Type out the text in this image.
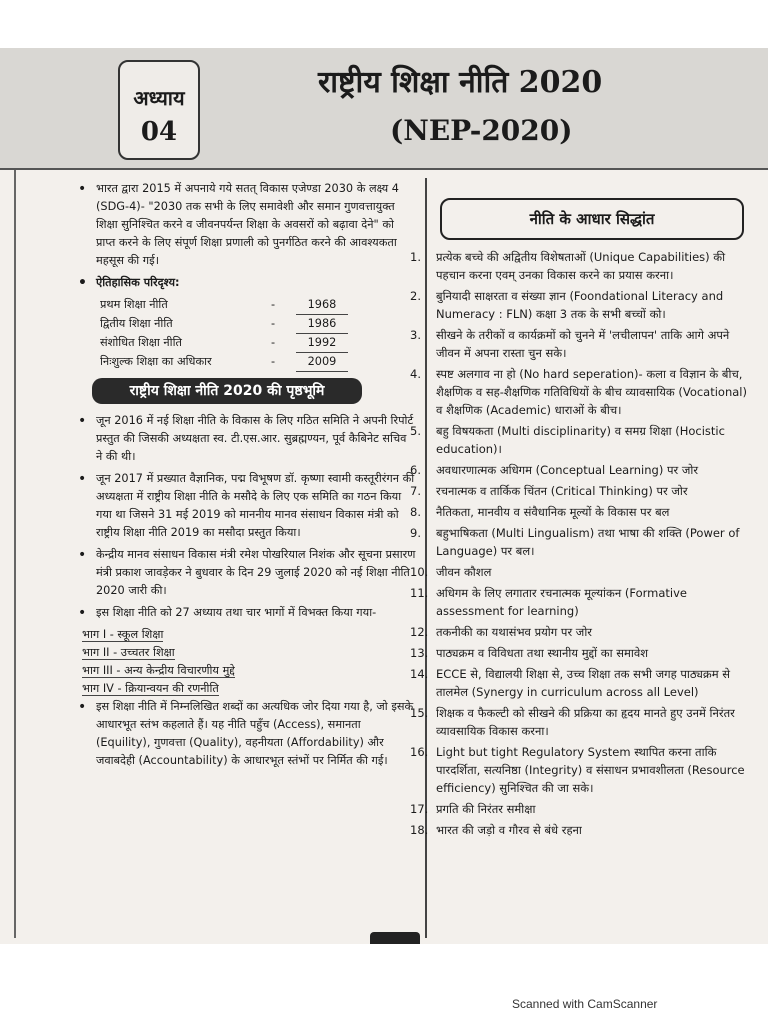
अध्याय
04
राष्ट्रीय शिक्षा नीति 2020
(NEP-2020)
• भारत द्वारा 2015 में अपनाये गये सतत् विकास एजेण्डा 2030 के लक्ष्य 4 (SDG-4)- "2030 तक सभी के लिए समावेशी और समान गुणवत्तायुक्त शिक्षा सुनिश्चित करने व जीवनपर्यन्त शिक्षा के अवसरों को बढ़ावा देने" को प्राप्त करने के लिए संपूर्ण शिक्षा प्रणाली को पुनर्गठित करने की आवश्यकता महसूस की गई।
• ऐतिहासिक परिदृश्य:
प्रथम शिक्षा नीति	-	1968
द्वितीय शिक्षा नीति	-	1986
संशोधित शिक्षा नीति	-	1992
निःशुल्क शिक्षा का अधिकार	-	2009
राष्ट्रीय शिक्षा नीति 2020 की पृष्ठभूमि
• जून 2016 में नई शिक्षा नीति के विकास के लिए गठित समिति ने अपनी रिपोर्ट प्रस्तुत की जिसकी अध्यक्षता स्व. टी.एस.आर. सुब्रह्मण्यन, पूर्व कैबिनेट सचिव ने की थी।
• जून 2017 में प्रख्यात वैज्ञानिक, पद्म विभूषण डॉ. कृष्णा स्वामी कस्तूरीरंगन की अध्यक्षता में राष्ट्रीय शिक्षा नीति के मसौदे के लिए एक समिति का गठन किया गया था जिसने 31 मई 2019 को माननीय मानव संसाधन विकास मंत्री को राष्ट्रीय शिक्षा नीति 2019 का मसौदा प्रस्तुत किया।
• केन्द्रीय मानव संसाधन विकास मंत्री रमेश पोखरियाल निशंक और सूचना प्रसारण मंत्री प्रकाश जावड़ेकर ने बुधवार के दिन 29 जुलाई 2020 को नई शिक्षा नीति 2020 जारी की।
• इस शिक्षा नीति को 27 अध्याय तथा चार भागों में विभक्त किया गया-
भाग I - स्कूल शिक्षा
भाग II - उच्चतर शिक्षा
भाग III - अन्य केन्द्रीय विचारणीय मुद्दे
भाग IV - क्रियान्वयन की रणनीति
• इस शिक्षा नीति में निम्नलिखित शब्दों का अत्यधिक जोर दिया गया है, जो इसके आधारभूत स्तंभ कहलाते हैं। यह नीति पहुँच (Access), समानता (Equility), गुणवत्ता (Quality), वहनीयता (Affordability) और जवाबदेही (Accountability) के आधारभूत स्तंभों पर निर्मित की गई।
नीति के आधार सिद्धांत
1. प्रत्येक बच्चे की अद्वितीय विशेषताओं (Unique Capabilities) की पहचान करना एवम् उनका विकास करने का प्रयास करना।
2. बुनियादी साक्षरता व संख्या ज्ञान (Foondational Literacy and Numeracy : FLN) कक्षा 3 तक के सभी बच्चों को।
3. सीखने के तरीकों व कार्यक्रमों को चुनने में 'लचीलापन' ताकि आगे अपने जीवन में अपना रास्ता चुन सके।
4. स्पष्ट अलगाव ना हो (No hard seperation)- कला व विज्ञान के बीच, शैक्षणिक व सह-शैक्षणिक गतिविधियों के बीच व्यावसायिक (Vocational) व शैक्षणिक (Academic) धाराओं के बीच।
5. बहु विषयकता (Multi disciplinarity) व समग्र शिक्षा (Hocistic education)।
6. अवधारणात्मक अधिगम (Conceptual Learning) पर जोर
7. रचनात्मक व तार्किक चिंतन (Critical Thinking) पर जोर
8. नैतिकता, मानवीय व संवैधानिक मूल्यों के विकास पर बल
9. बहुभाषिकता (Multi Lingualism) तथा भाषा की शक्ति (Power of Language) पर बल।
10. जीवन कौशल
11. अधिगम के लिए लगातार रचनात्मक मूल्यांकन (Formative assessment for learning)
12. तकनीकी का यथासंभव प्रयोग पर जोर
13. पाठ्यक्रम व विविधता तथा स्थानीय मुद्दों का समावेश
14. ECCE से, विद्यालयी शिक्षा से, उच्च शिक्षा तक सभी जगह पाठ्यक्रम से तालमेल (Synergy in curriculum across all Level)
15. शिक्षक व फैकल्टी को सीखने की प्रक्रिया का हृदय मानते हुए उनमें निरंतर व्यावसायिक विकास करना।
16. Light but tight Regulatory System स्थापित करना ताकि पारदर्शिता, सत्यनिष्ठा (Integrity) व संसाधन प्रभावशीलता (Resource efficiency) सुनिश्चित की जा सके।
17. प्रगति की निरंतर समीक्षा
18. भारत की जड़ो व गौरव से बंधे रहना
Scanned with CamScanner
